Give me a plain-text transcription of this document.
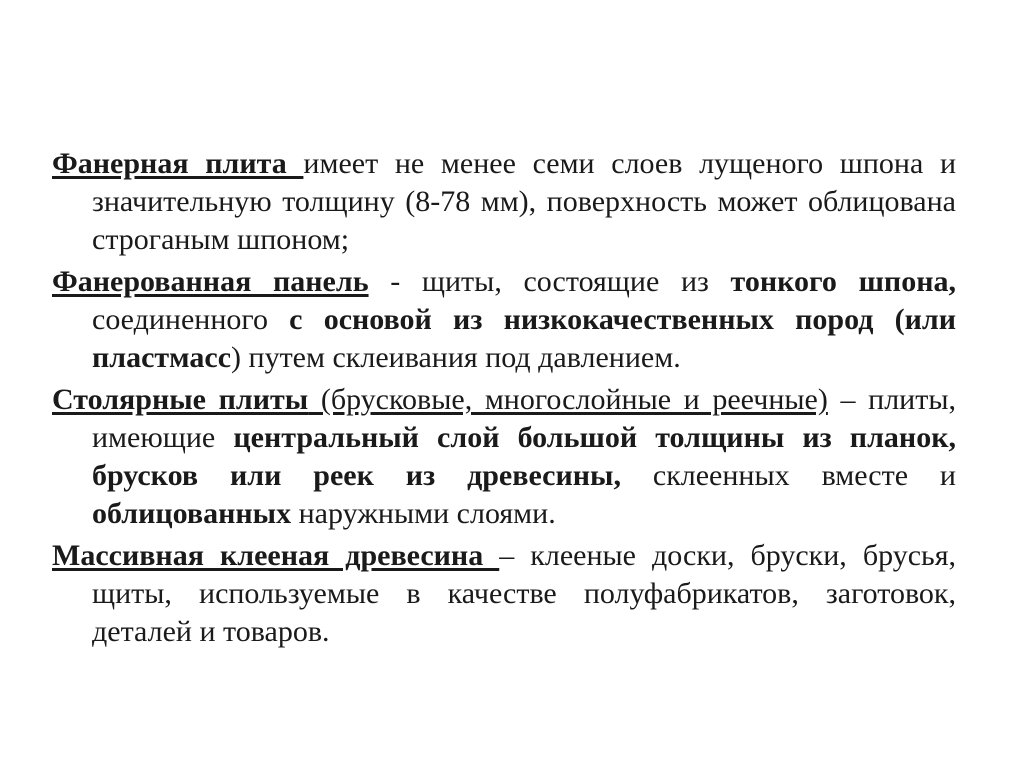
Фанерная плита имеет не менее семи слоев лущеного шпона и значительную толщину (8-78 мм), поверхность может облицована строганым шпоном;

Фанерованная панель - щиты, состоящие из тонкого шпона, соединенного с основой из низкокачественных пород (или пластмасс) путем склеивания под давлением.

Столярные плиты (брусковые, многослойные и реечные) – плиты, имеющие центральный слой большой толщины из планок, брусков или реек из древесины, склеенных вместе и облицованных наружными слоями.

Массивная клееная древесина – клееные доски, бруски, брусья, щиты, используемые в качестве полуфабрикатов, заготовок, деталей и товаров.
